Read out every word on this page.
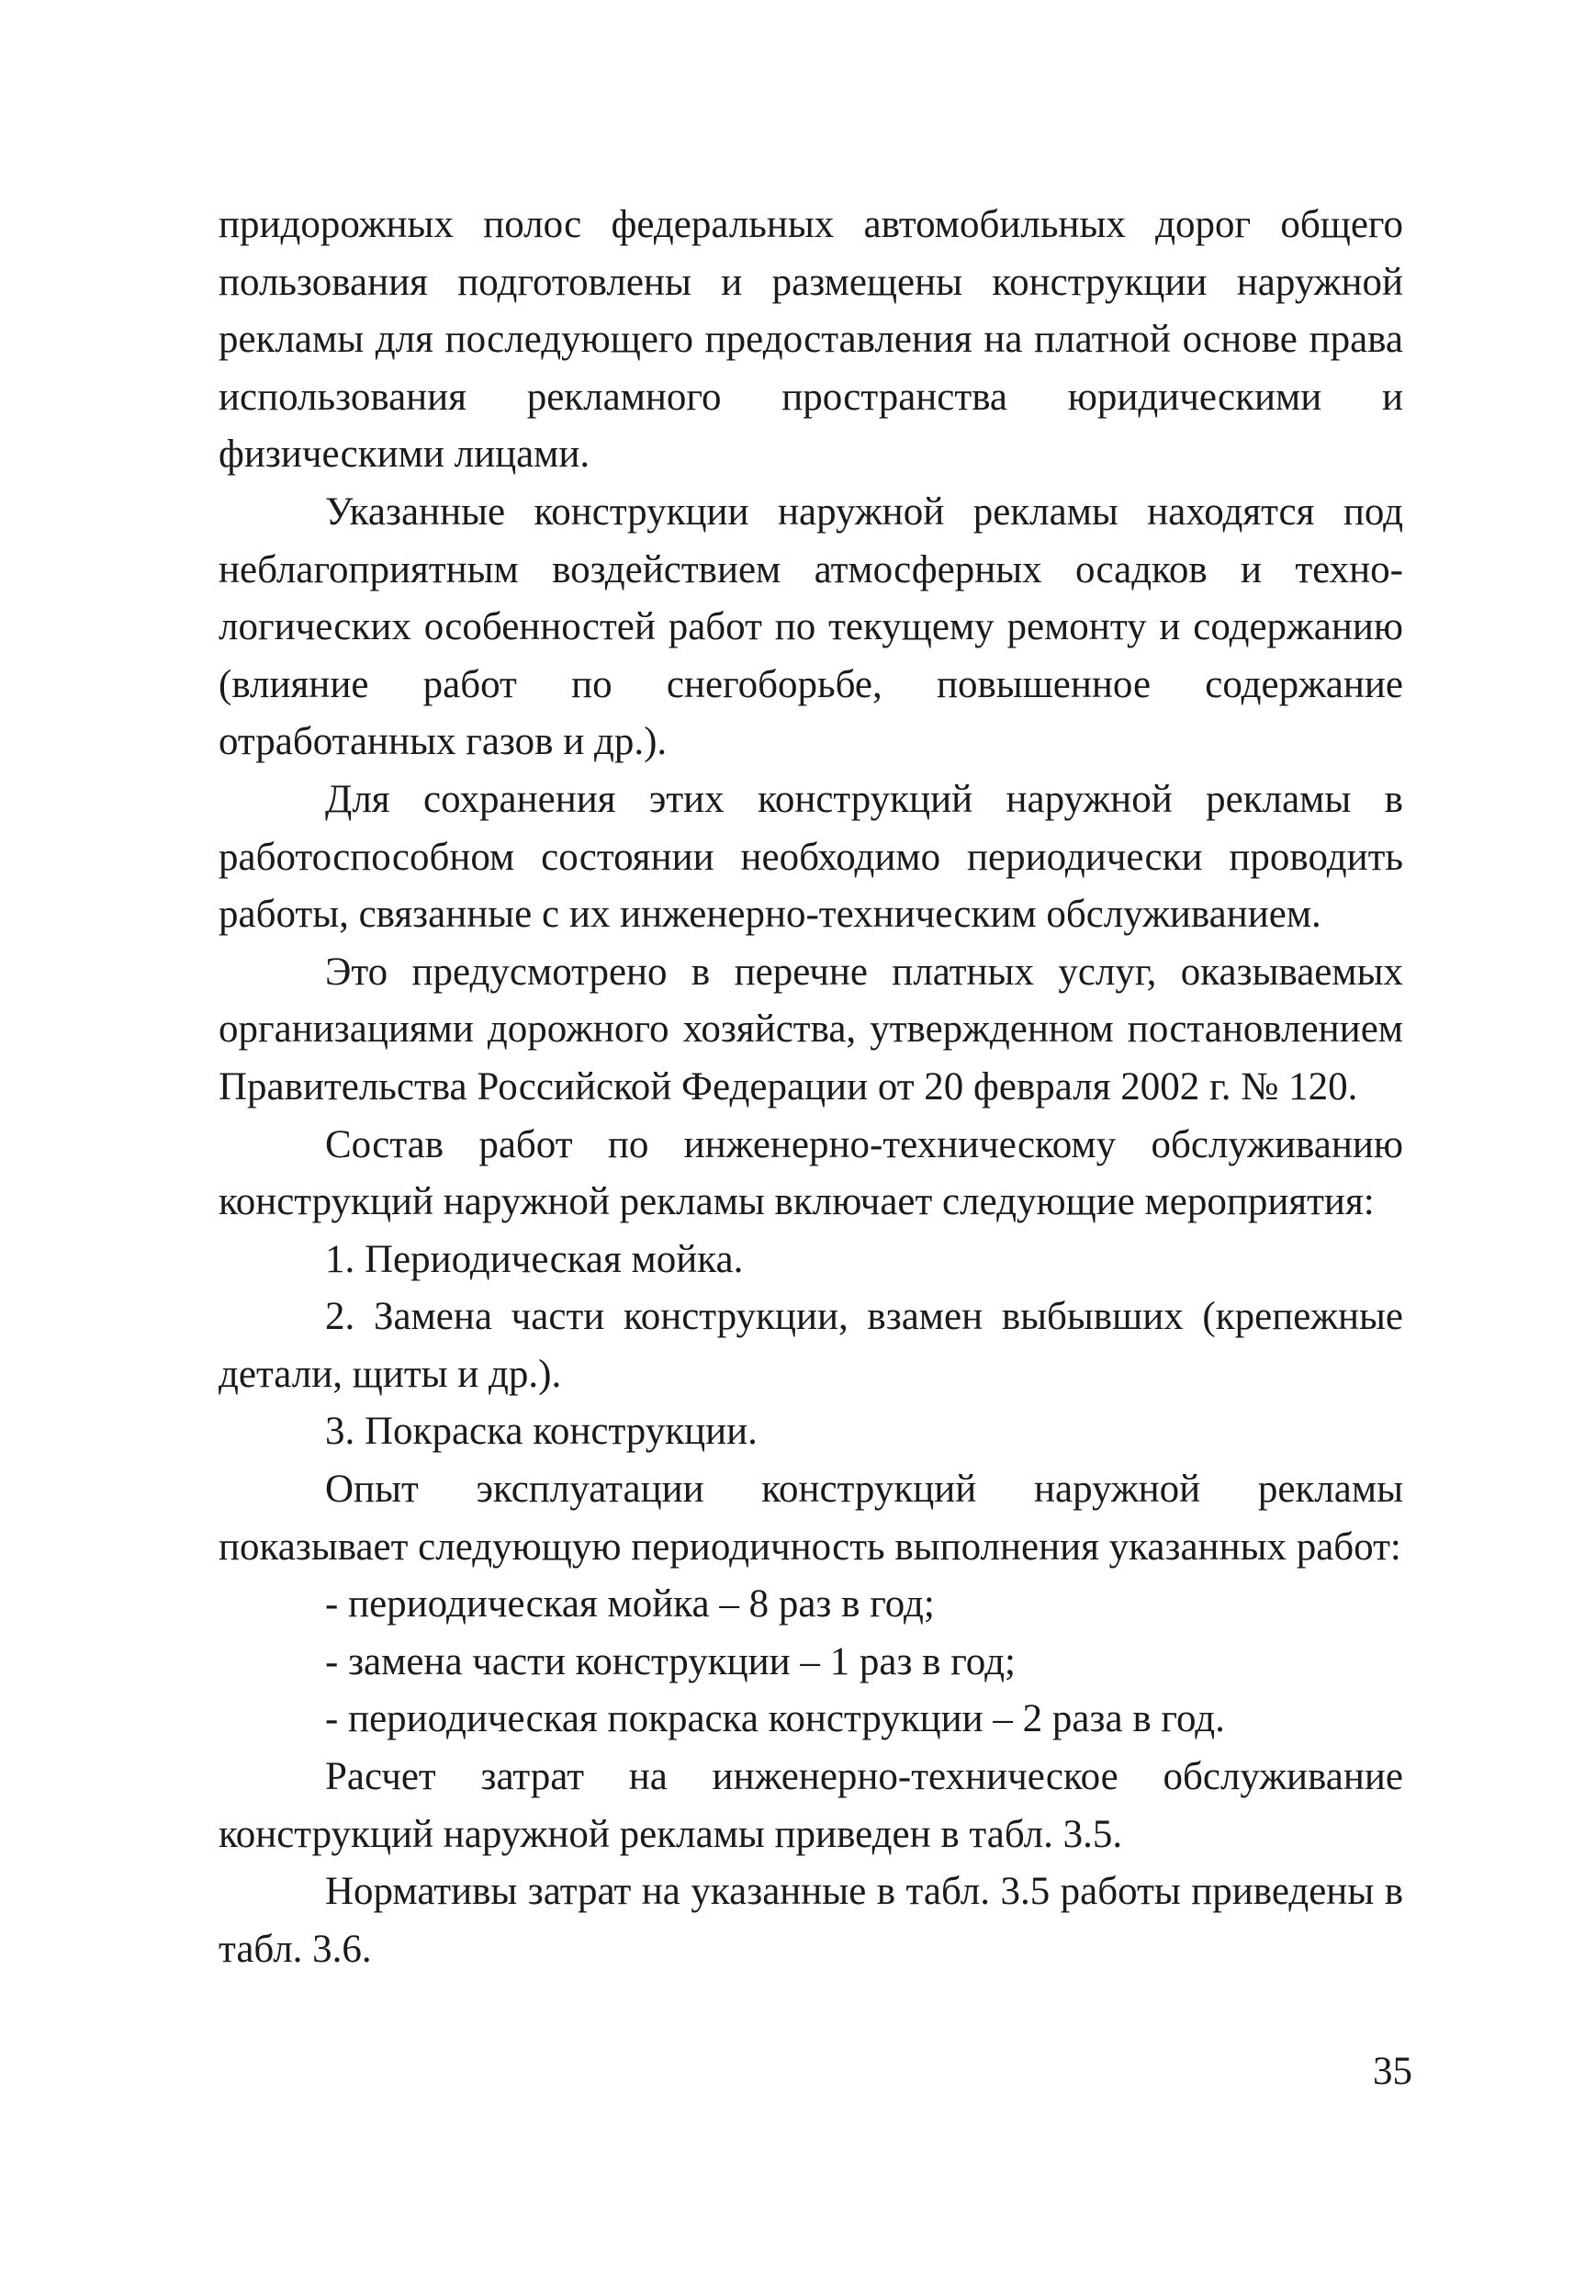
придорожных полос федеральных автомобильных дорог общего пользования подготовлены и размещены конструкции наружной рекламы для последующего предоставления на платной основе права использования рекламного пространства юридическими и физическими лицами.

Указанные конструкции наружной рекламы находятся под неблагоприятным воздействием атмосферных осадков и техно-логических особенностей работ по текущему ремонту и содержанию (влияние работ по снегоборьбе, повышенное содержание отработанных газов и др.).

Для сохранения этих конструкций наружной рекламы в работоспособном состоянии необходимо периодически проводить работы, связанные с их инженерно-техническим обслуживанием.

Это предусмотрено в перечне платных услуг, оказываемых организациями дорожного хозяйства, утвержденном постановлением Правительства Российской Федерации от 20 февраля 2002 г. № 120.

Состав работ по инженерно-техническому обслуживанию конструкций наружной рекламы включает следующие мероприятия:

1. Периодическая мойка.

2. Замена части конструкции, взамен выбывших (крепежные детали, щиты и др.).

3. Покраска конструкции.

Опыт эксплуатации конструкций наружной рекламы показывает следующую периодичность выполнения указанных работ:

- периодическая мойка – 8 раз в год;

- замена части конструкции – 1 раз в год;

- периодическая покраска конструкции – 2 раза в год.

Расчет затрат на инженерно-техническое обслуживание конструкций наружной рекламы приведен в табл. 3.5.

Нормативы затрат на указанные в табл. 3.5 работы приведены в табл. 3.6.

35
